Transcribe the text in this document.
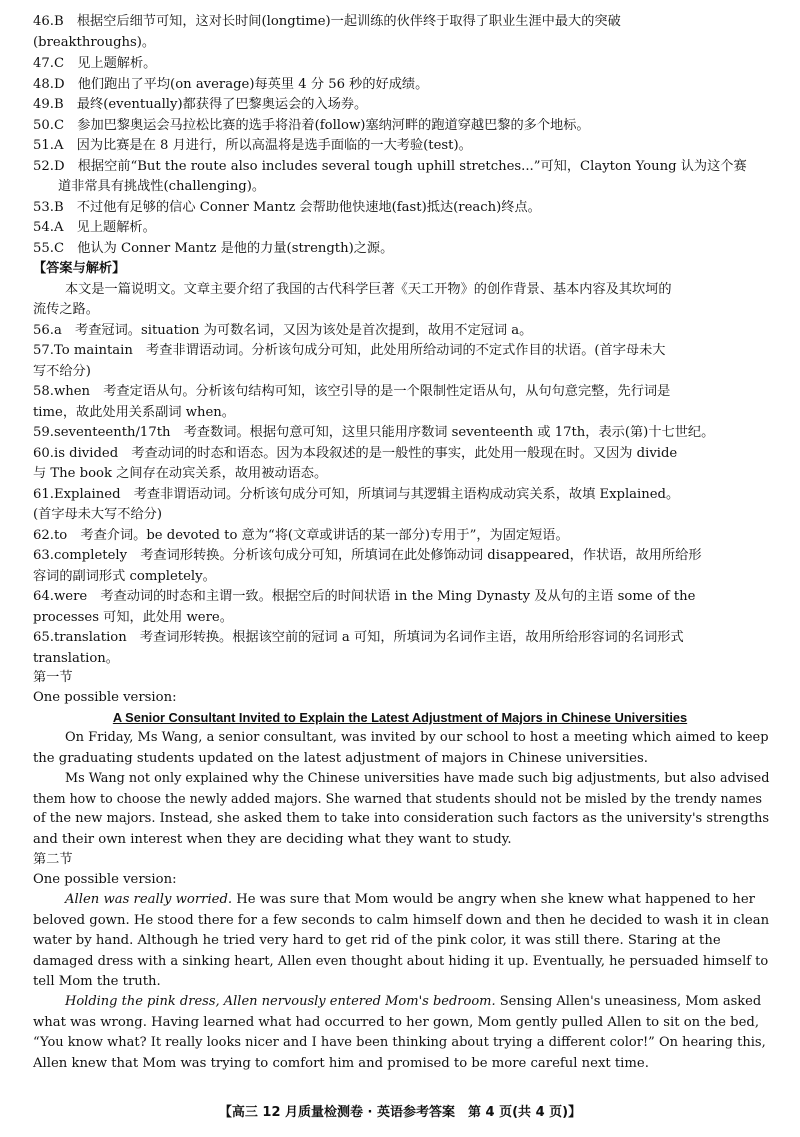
46.B　根据空后细节可知，这对长时间(longtime)一起训练的伙伴终于取得了职业生涯中最大的突破
(breakthroughs)。
47.C　见上题解析。
48.D　他们跑出了平均(on average)每英里 4 分 56 秒的好成绩。
49.B　最终(eventually)都获得了巴黎奥运会的入场券。
50.C　参加巴黎奥运会马拉松比赛的选手将沿着(follow)塞纳河畔的跑道穿越巴黎的多个地标。
51.A　因为比赛是在 8 月进行，所以高温将是选手面临的一大考验(test)。
52.D　根据空前“But the route also includes several tough uphill stretches...”可知，Clayton Young 认为这个赛
道非常具有挑战性(challenging)。
53.B　不过他有足够的信心 Conner Mantz 会帮助他快速地(fast)抵达(reach)终点。
54.A　见上题解析。
55.C　他认为 Conner Mantz 是他的力量(strength)之源。
【答案与解析】
本文是一篇说明文。文章主要介绍了我国的古代科学巨著《天工开物》的创作背景、基本内容及其坎坷的
流传之路。
56.a　考查冠词。situation 为可数名词，又因为该处是首次提到，故用不定冠词 a。
57.To maintain　考查非谓语动词。分析该句成分可知，此处用所给动词的不定式作目的状语。(首字母未大
写不给分)
58.when　考查定语从句。分析该句结构可知，该空引导的是一个限制性定语从句，从句句意完整，先行词是
time，故此处用关系副词 when。
59.seventeenth/17th　考查数词。根据句意可知，这里只能用序数词 seventeenth 或 17th，表示(第)十七世纪。
60.is divided　考查动词的时态和语态。因为本段叙述的是一般性的事实，此处用一般现在时。又因为 divide
与 The book 之间存在动宾关系，故用被动语态。
61.Explained　考查非谓语动词。分析该句成分可知，所填词与其逻辑主语构成动宾关系，故填 Explained。
(首字母未大写不给分)
62.to　考查介词。be devoted to 意为“将(文章或讲话的某一部分)专用于”，为固定短语。
63.completely　考查词形转换。分析该句成分可知，所填词在此处修饰动词 disappeared，作状语，故用所给形
容词的副词形式 completely。
64.were　考查动词的时态和主谓一致。根据空后的时间状语 in the Ming Dynasty 及从句的主语 some of the
processes 可知，此处用 were。
65.translation　考查词形转换。根据该空前的冠词 a 可知，所填词为名词作主语，故用所给形容词的名词形式
translation。
第一节
One possible version:
A Senior Consultant Invited to Explain the Latest Adjustment of Majors in Chinese Universities
On Friday, Ms Wang, a senior consultant, was invited by our school to host a meeting which aimed to keep
the graduating students updated on the latest adjustment of majors in Chinese universities.
Ms Wang not only explained why the Chinese universities have made such big adjustments, but also advised
them how to choose the newly added majors. She warned that students should not be misled by the trendy names
of the new majors. Instead, she asked them to take into consideration such factors as the university's strengths
and their own interest when they are deciding what they want to study.
第二节
One possible version:
Allen was really worried. He was sure that Mom would be angry when she knew what happened to her
beloved gown. He stood there for a few seconds to calm himself down and then he decided to wash it in clean
water by hand. Although he tried very hard to get rid of the pink color, it was still there. Staring at the
damaged dress with a sinking heart, Allen even thought about hiding it up. Eventually, he persuaded himself to
tell Mom the truth.
Holding the pink dress, Allen nervously entered Mom's bedroom. Sensing Allen's uneasiness, Mom asked
what was wrong. Having learned what had occurred to her gown, Mom gently pulled Allen to sit on the bed,
“You know what? It really looks nicer and I have been thinking about trying a different color!” On hearing this,
Allen knew that Mom was trying to comfort him and promised to be more careful next time.
【高三 12 月质量检测卷 · 英语参考答案　第 4 页(共 4 页)】
